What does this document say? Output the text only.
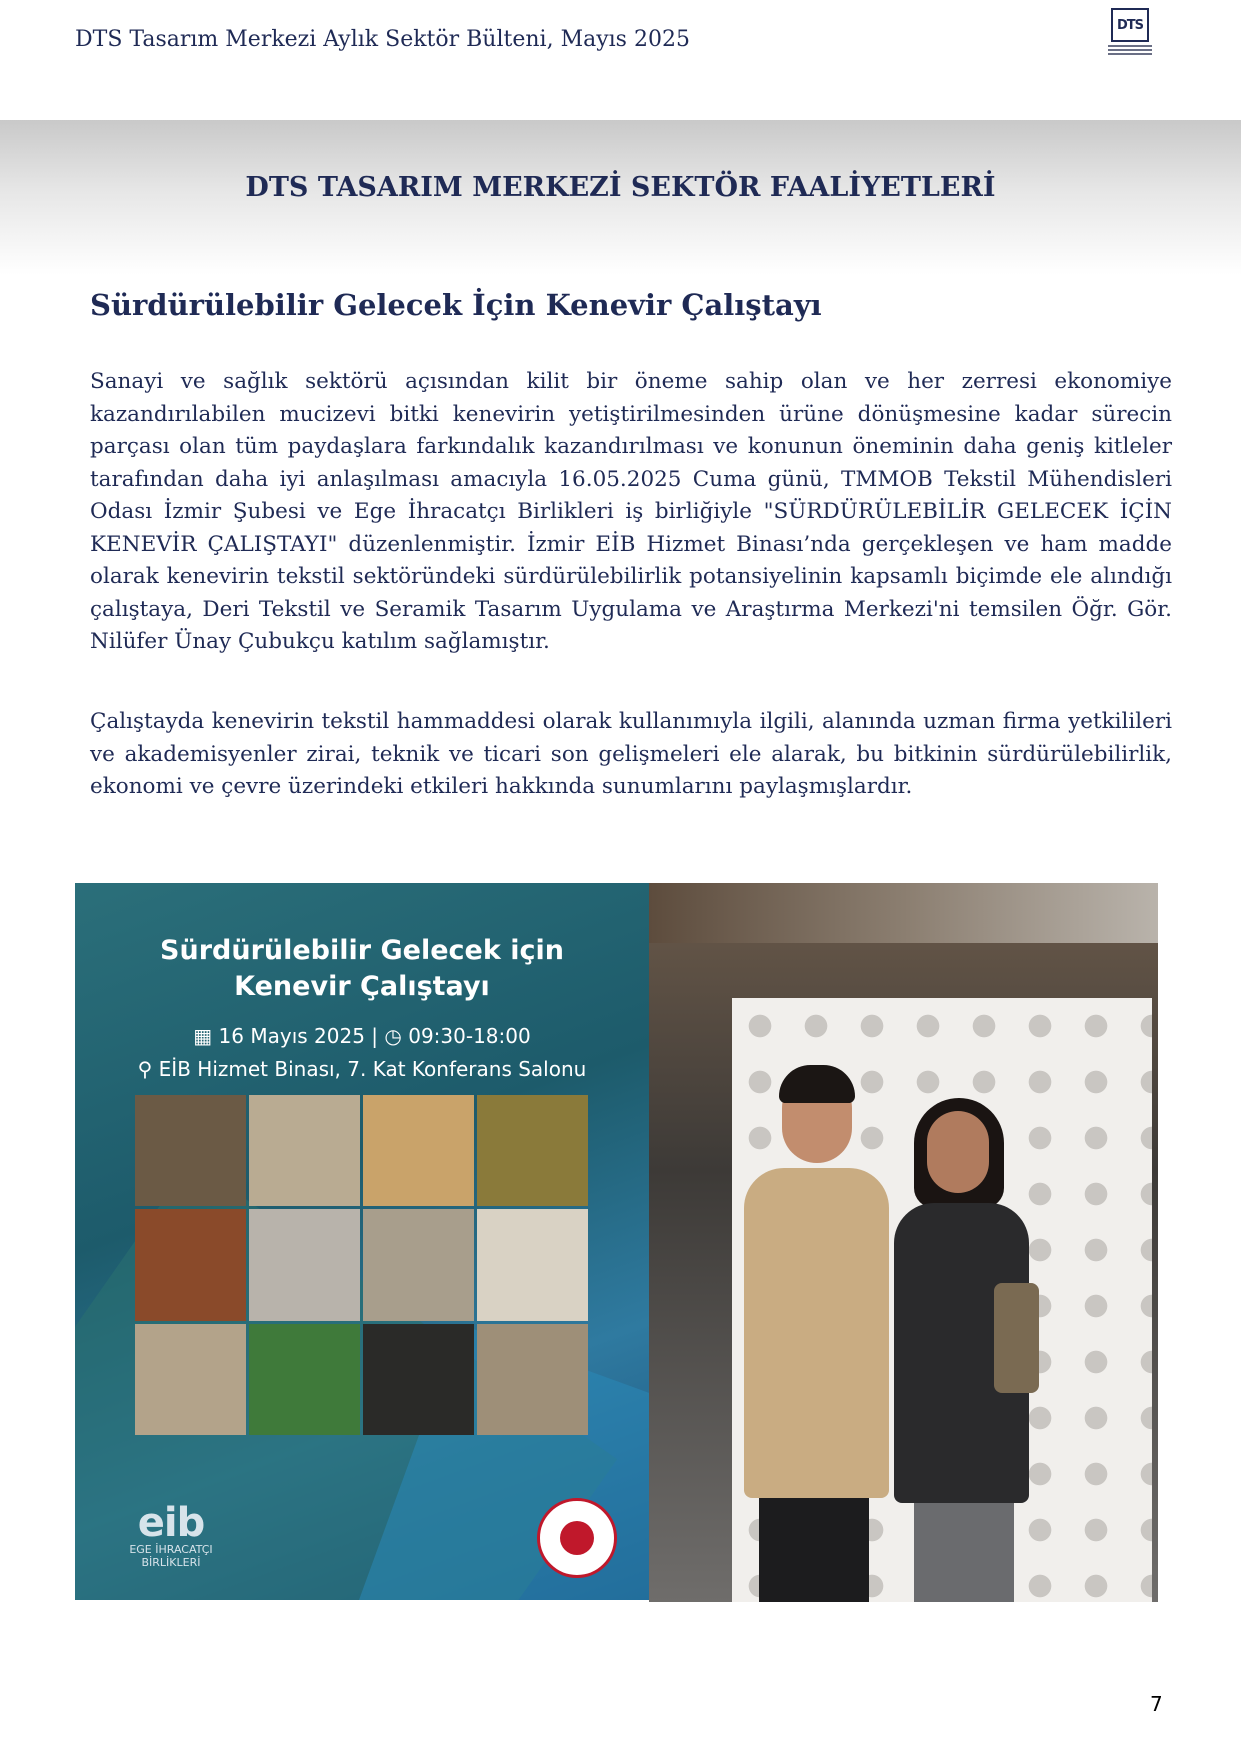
DTS Tasarım Merkezi Aylık Sektör Bülteni, Mayıs 2025
DTS
DTS TASARIM MERKEZİ SEKTÖR FAALİYETLERİ
Sürdürülebilir Gelecek İçin Kenevir Çalıştayı
Sanayi ve sağlık sektörü açısından kilit bir öneme sahip olan ve her zerresi ekonomiye kazandırılabilen mucizevi bitki kenevirin yetiştirilmesinden ürüne dönüşmesine kadar sürecin parçası olan tüm paydaşlara farkındalık kazandırılması ve konunun öneminin daha geniş kitleler tarafından daha iyi anlaşılması amacıyla 16.05.2025 Cuma günü, TMMOB Tekstil Mühendisleri Odası İzmir Şubesi ve Ege İhracatçı Birlikleri iş birliğiyle "SÜRDÜRÜLEBİLİR GELECEK İÇİN KENEVİR ÇALIŞTAYI" düzenlenmiştir. İzmir EİB Hizmet Binası’nda gerçekleşen ve ham madde olarak kenevirin tekstil sektöründeki sürdürülebilirlik potansiyelinin kapsamlı biçimde ele alındığı çalıştaya, Deri Tekstil ve Seramik Tasarım Uygulama ve Araştırma Merkezi'ni temsilen Öğr. Gör. Nilüfer Ünay Çubukçu katılım sağlamıştır.
Çalıştayda kenevirin tekstil hammaddesi olarak kullanımıyla ilgili, alanında uzman firma yetkilileri ve akademisyenler zirai, teknik ve ticari son gelişmeleri ele alarak, bu bitkinin sürdürülebilirlik, ekonomi ve çevre üzerindeki etkileri hakkında sunumlarını paylaşmışlardır.
Sürdürülebilir Gelecek için
Kenevir Çalıştayı
▦ 16 Mayıs 2025 | ◷ 09:30-18:00
⚲ EİB Hizmet Binası, 7. Kat Konferans Salonu
eib
EGE İHRACATÇI
BİRLİKLERİ
7
